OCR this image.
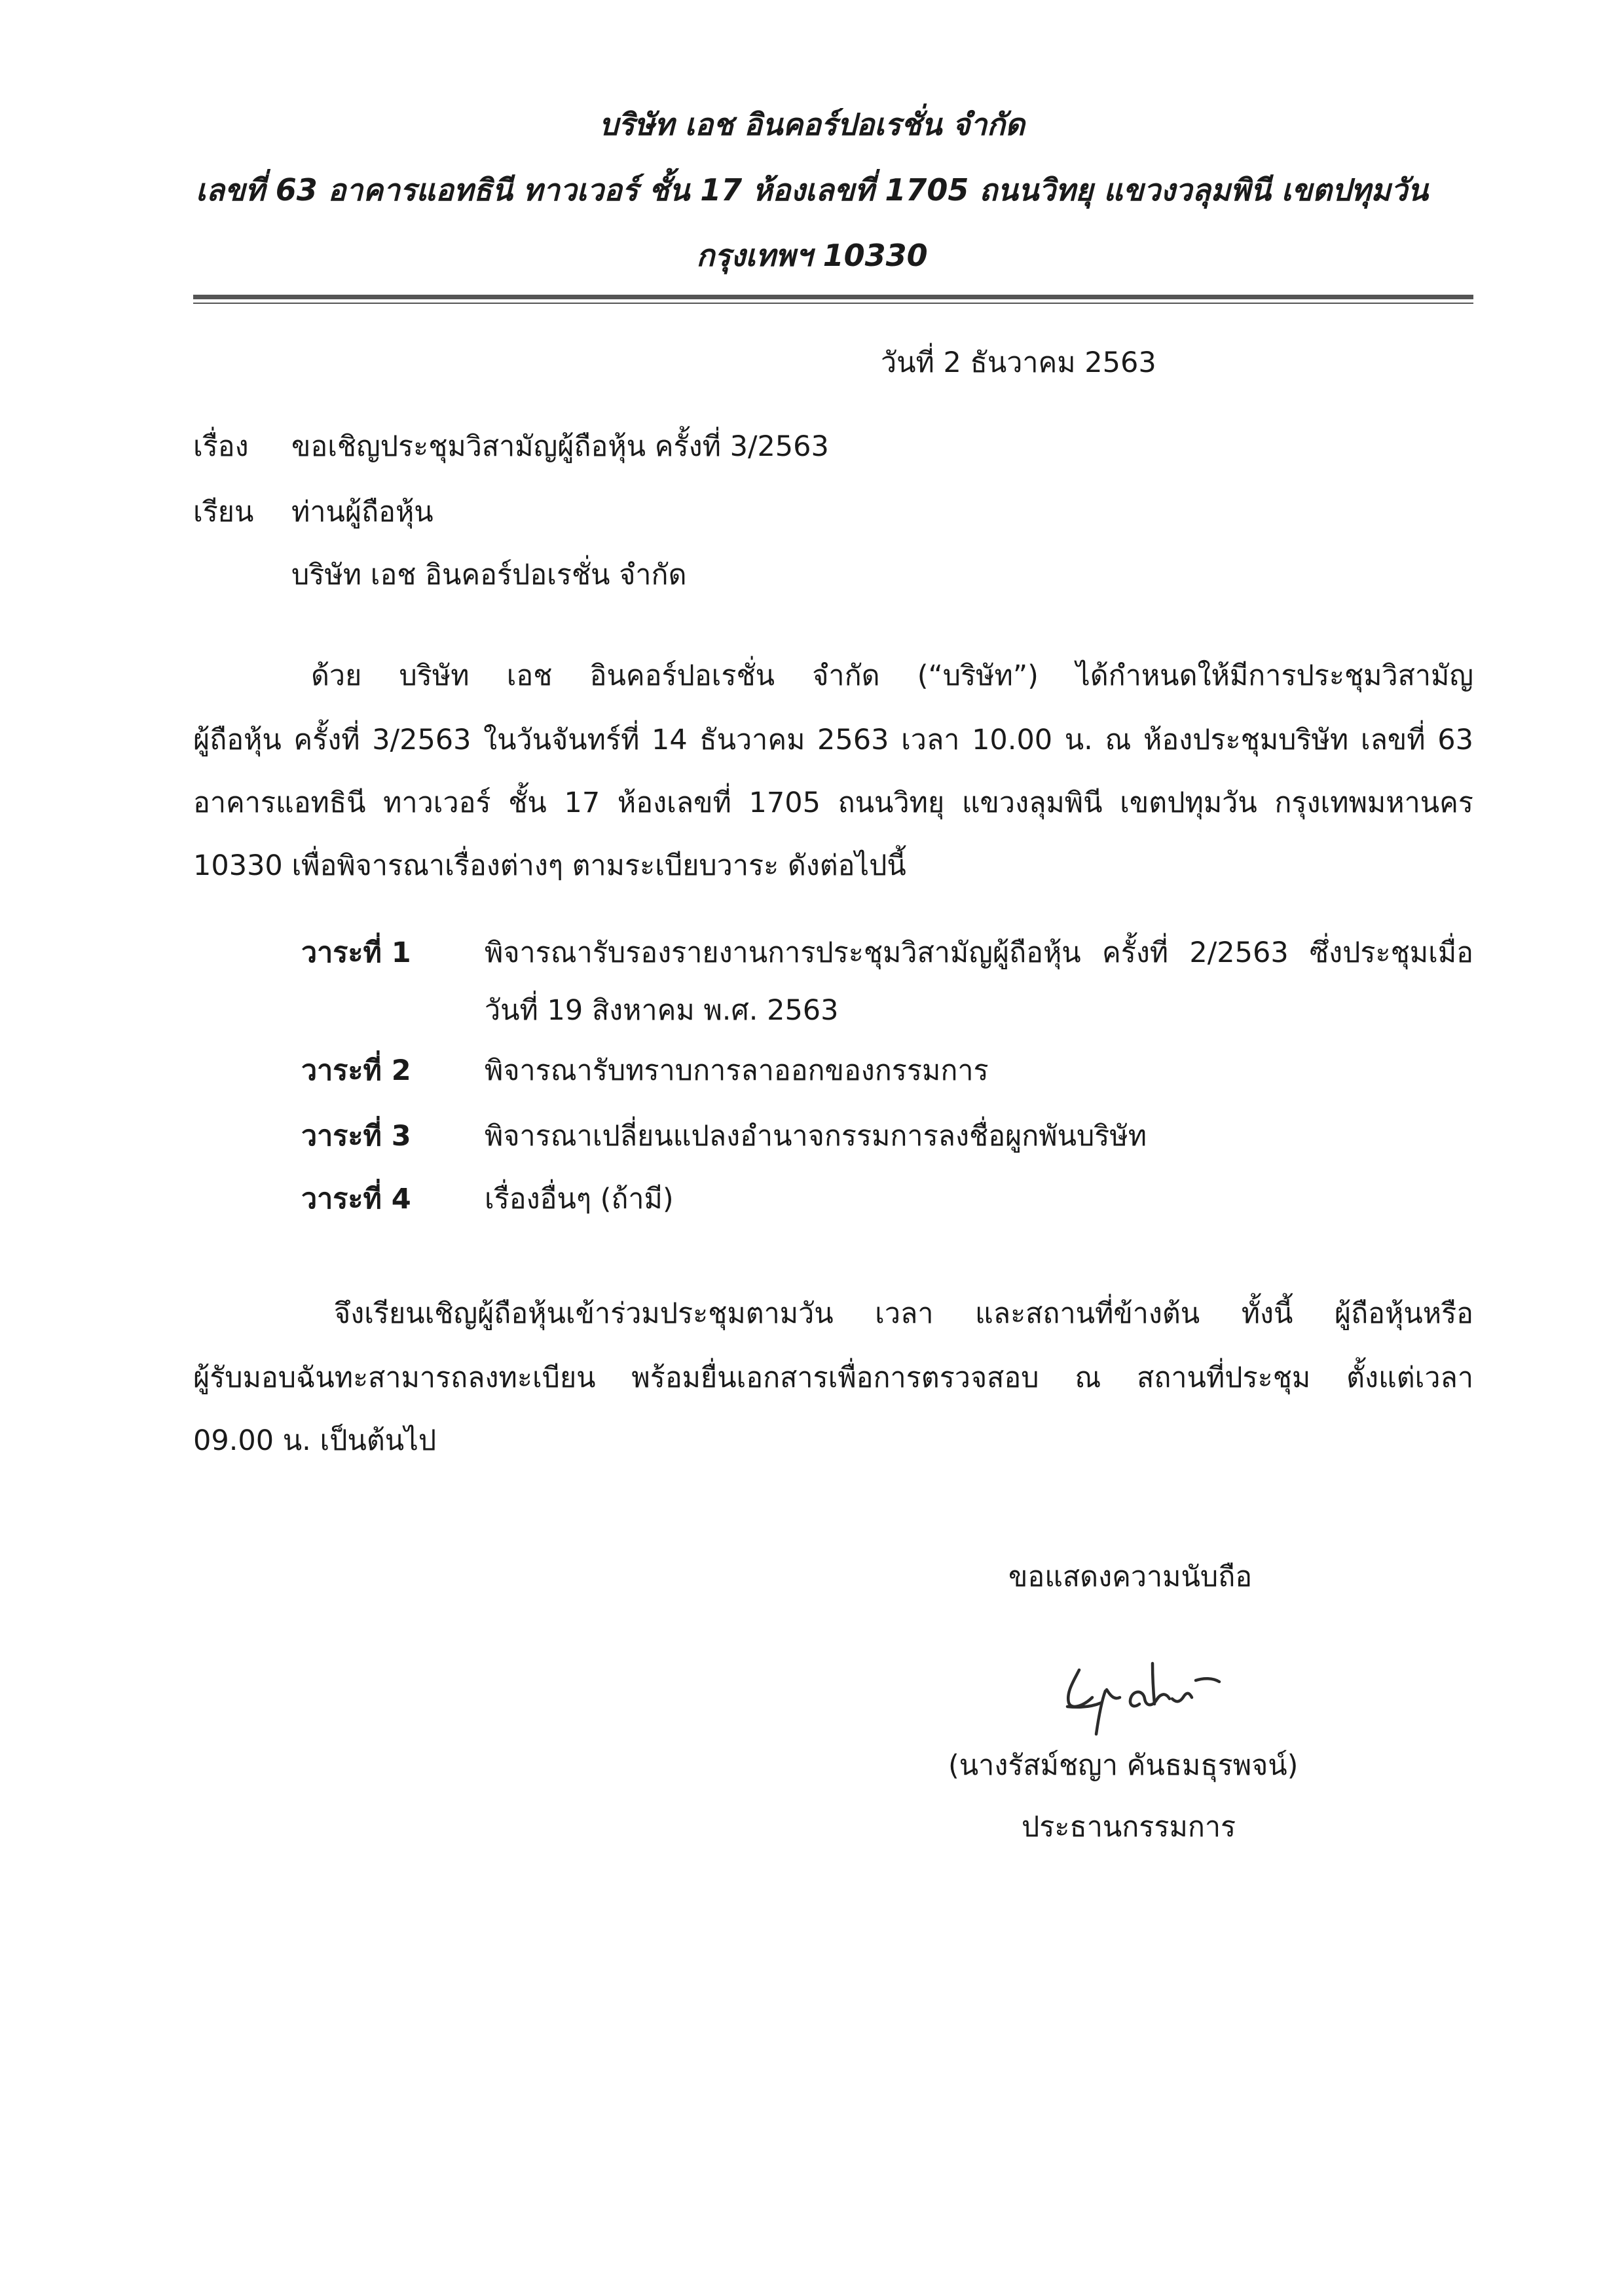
บริษัท เอช อินคอร์ปอเรชั่น จำกัด
เลขที่ 63 อาคารแอทธินี ทาวเวอร์ ชั้น 17 ห้องเลขที่ 1705 ถนนวิทยุ แขวงวลุมพินี เขตปทุมวัน
กรุงเทพฯ 10330
วันที่ 2 ธันวาคม 2563
เรื่อง ขอเชิญประชุมวิสามัญผู้ถือหุ้น ครั้งที่ 3/2563
เรียน ท่านผู้ถือหุ้น
บริษัท เอช อินคอร์ปอเรชั่น จำกัด
ด้วย บริษัท เอช อินคอร์ปอเรชั่น จำกัด (“บริษัท”) ได้กำหนดให้มีการประชุมวิสามัญ
ผู้ถือหุ้น ครั้งที่ 3/2563 ในวันจันทร์ที่ 14 ธันวาคม 2563 เวลา 10.00 น. ณ ห้องประชุมบริษัท เลขที่ 63
อาคารแอทธินี ทาวเวอร์ ชั้น 17 ห้องเลขที่ 1705 ถนนวิทยุ แขวงลุมพินี เขตปทุมวัน กรุงเทพมหานคร
10330 เพื่อพิจารณาเรื่องต่างๆ ตามระเบียบวาระ ดังต่อไปนี้
วาระที่ 1	พิจารณารับรองรายงานการประชุมวิสามัญผู้ถือหุ้น ครั้งที่ 2/2563 ซึ่งประชุมเมื่อ
วันที่ 19 สิงหาคม พ.ศ. 2563
วาระที่ 2	พิจารณารับทราบการลาออกของกรรมการ
วาระที่ 3	พิจารณาเปลี่ยนแปลงอำนาจกรรมการลงชื่อผูกพันบริษัท
วาระที่ 4	เรื่องอื่นๆ (ถ้ามี)
จึงเรียนเชิญผู้ถือหุ้นเข้าร่วมประชุมตามวัน เวลา และสถานที่ข้างต้น ทั้งนี้ ผู้ถือหุ้นหรือ
ผู้รับมอบฉันทะสามารถลงทะเบียน พร้อมยื่นเอกสารเพื่อการตรวจสอบ ณ สถานที่ประชุม ตั้งแต่เวลา
09.00 น. เป็นต้นไป
ขอแสดงความนับถือ
(นางรัสม์ชญา คันธมธุรพจน์)
ประธานกรรมการ
